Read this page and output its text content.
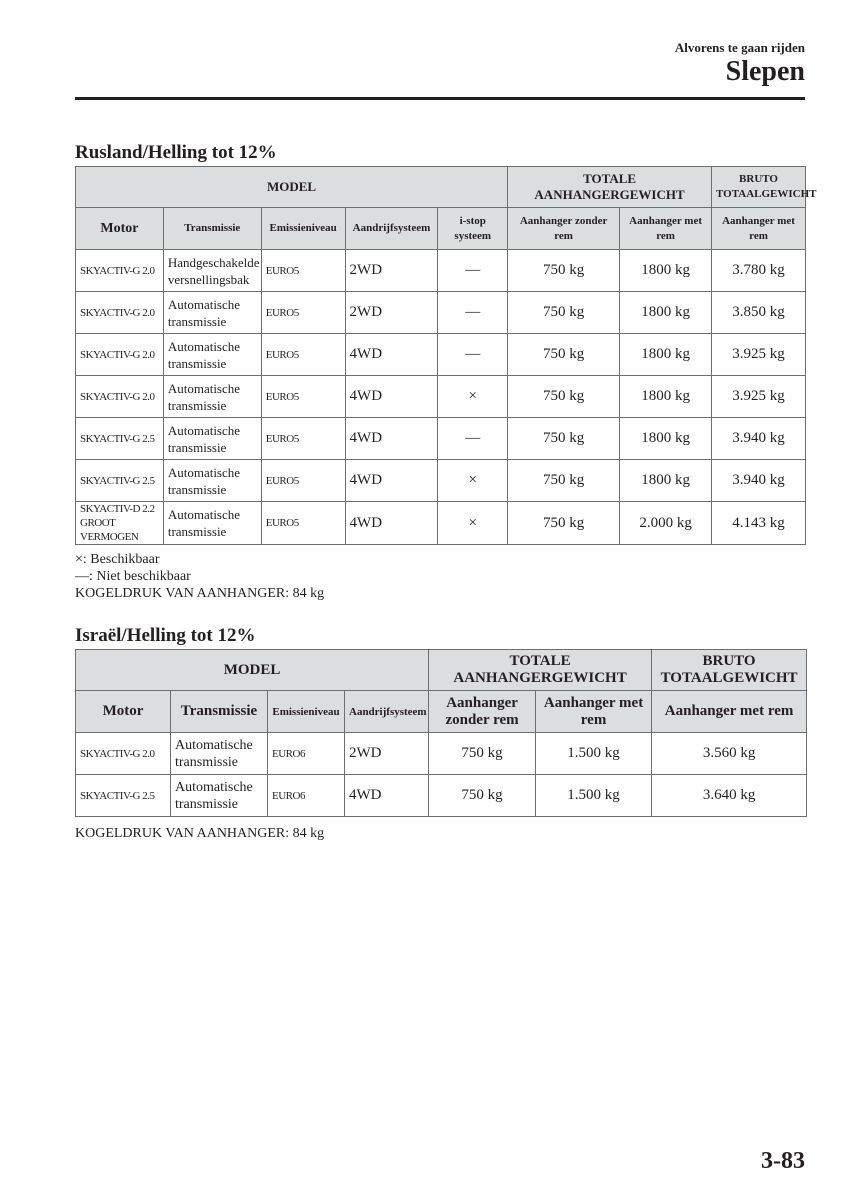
Alvorens te gaan rijden
Slepen
Rusland/Helling tot 12%
MODEL					TOTALE AANHANGERGEWICHT		BRUTO TOTAALGEWICHT
Motor	Transmissie	Emissieniveau	Aandrijfsysteem	i-stop systeem	Aanhanger zonder rem	Aanhanger met rem	Aanhanger met rem
SKYACTIV-G 2.0	Handgeschakelde versnellingsbak	EURO5	2WD	—	750 kg	1800 kg	3.780 kg
SKYACTIV-G 2.0	Automatische transmissie	EURO5	2WD	—	750 kg	1800 kg	3.850 kg
SKYACTIV-G 2.0	Automatische transmissie	EURO5	4WD	—	750 kg	1800 kg	3.925 kg
SKYACTIV-G 2.0	Automatische transmissie	EURO5	4WD	×	750 kg	1800 kg	3.925 kg
SKYACTIV-G 2.5	Automatische transmissie	EURO5	4WD	—	750 kg	1800 kg	3.940 kg
SKYACTIV-G 2.5	Automatische transmissie	EURO5	4WD	×	750 kg	1800 kg	3.940 kg
SKYACTIV-D 2.2 GROOT VERMOGEN	Automatische transmissie	EURO5	4WD	×	750 kg	2.000 kg	4.143 kg
×: Beschikbaar
—: Niet beschikbaar
KOGELDRUK VAN AANHANGER: 84 kg
Israël/Helling tot 12%
MODEL				TOTALE AANHANGERGEWICHT		BRUTO TOTAALGEWICHT
Motor	Transmissie	Emissieniveau	Aandrijfsysteem	Aanhanger zonder rem	Aanhanger met rem	Aanhanger met rem
SKYACTIV-G 2.0	Automatische transmissie	EURO6	2WD	750 kg	1.500 kg	3.560 kg
SKYACTIV-G 2.5	Automatische transmissie	EURO6	4WD	750 kg	1.500 kg	3.640 kg
KOGELDRUK VAN AANHANGER: 84 kg
3-83
